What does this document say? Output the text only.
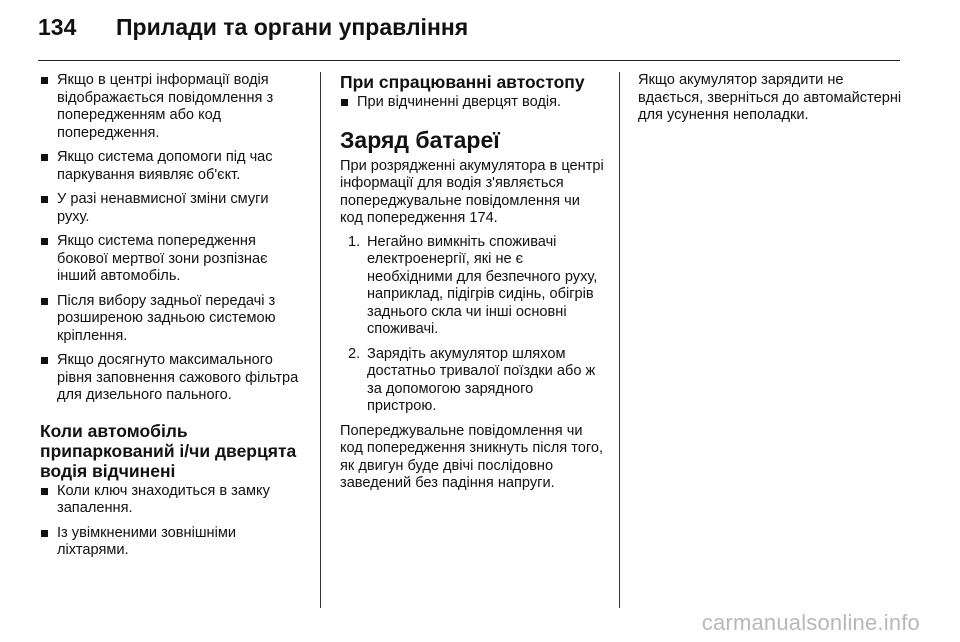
134	Прилади та органи управління
Якщо в центрі інформації водія відображається повідомлення з попередженням або код попередження.
Якщо система допомоги під час паркування виявляє об'єкт.
У разі ненавмисної зміни смуги руху.
Якщо система попередження бокової мертвої зони розпізнає інший автомобіль.
Після вибору задньої передачі з розширеною задньою системою кріплення.
Якщо досягнуто максимального рівня заповнення сажового фільтра для дизельного пального.
Коли автомобіль припаркований і/чи дверцята водія відчинені
Коли ключ знаходиться в замку запалення.
Із увімкненими зовнішніми ліхтарями.
При спрацюванні автостопу
При відчиненні дверцят водія.
Заряд батареї

При розрядженні акумулятора в центрі інформації для водія з'являється попереджувальне повідомлення чи код попередження 174.

1. Негайно вимкніть споживачі електроенергії, які не є необхідними для безпечного руху, наприклад, підігрів сидінь, обігрів заднього скла чи інші основні споживачі.
2. Зарядіть акумулятор шляхом достатньо тривалої поїздки або ж за допомогою зарядного пристрою.

Попереджувальне повідомлення чи код попередження зникнуть після того, як двигун буде двічі послідовно заведений без падіння напруги.

Якщо акумулятор зарядити не вдається, зверніться до автомайстерні для усунення неполадки.

carmanualsonline.info
